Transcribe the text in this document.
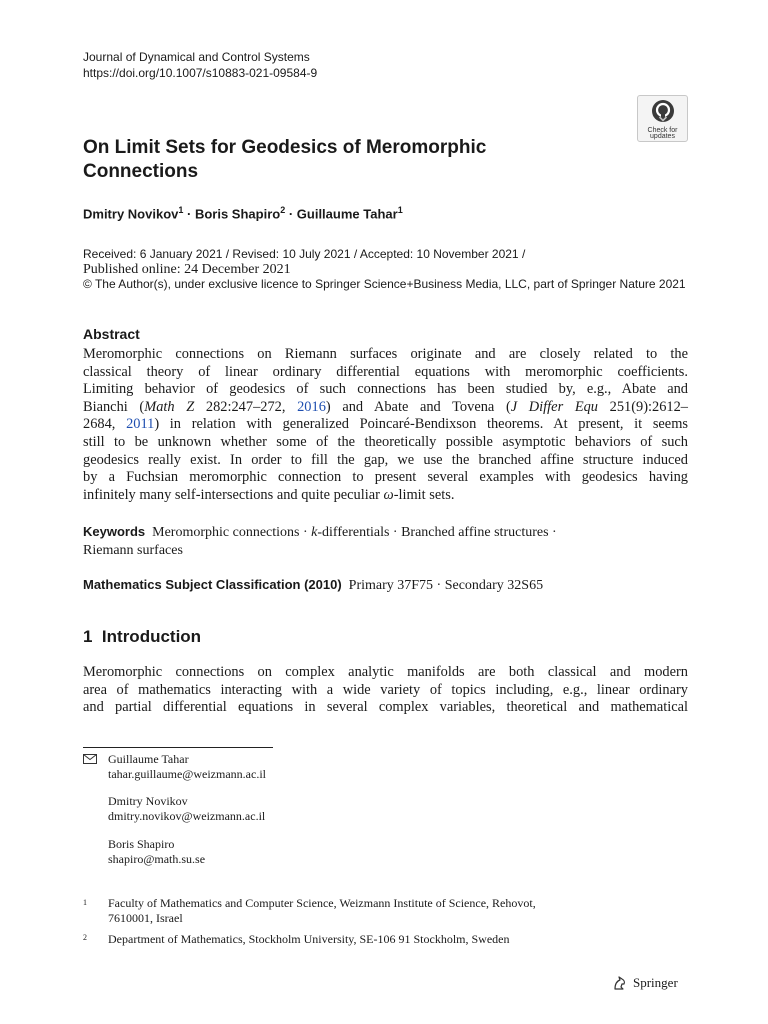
Journal of Dynamical and Control Systems
https://doi.org/10.1007/s10883-021-09584-9
Check for
updates
On Limit Sets for Geodesics of Meromorphic
Connections
Dmitry Novikov$^1$ · Boris Shapiro$^2$ · Guillaume Tahar$^1$
Received: 6 January 2021 / Revised: 10 July 2021 / Accepted: 10 November 2021 /
Published online: 24 December 2021
© The Author(s), under exclusive licence to Springer Science+Business Media, LLC, part of Springer Nature 2021
Abstract
Meromorphic connections on Riemann surfaces originate and are closely related to the
classical theory of linear ordinary differential equations with meromorphic coefficients.
Limiting behavior of geodesics of such connections has been studied by, e.g., Abate and
Bianchi (Math Z 282:247–272, 2016) and Abate and Tovena (J Differ Equ 251(9):2612–
2684, 2011) in relation with generalized Poincaré-Bendixson theorems. At present, it seems
still to be unknown whether some of the theoretically possible asymptotic behaviors of such
geodesics really exist. In order to fill the gap, we use the branched affine structure induced
by a Fuchsian meromorphic connection to present several examples with geodesics having
infinitely many self-intersections and quite peculiar ω-limit sets.
Keywords Meromorphic connections · k-differentials · Branched affine structures ·
Riemann surfaces
Mathematics Subject Classification (2010) Primary 37F75 · Secondary 32S65
1 Introduction
Meromorphic connections on complex analytic manifolds are both classical and modern
area of mathematics interacting with a wide variety of topics including, e.g., linear ordinary
and partial differential equations in several complex variables, theoretical and mathematical
Guillaume Tahar
tahar.guillaume@weizmann.ac.il
Dmitry Novikov
dmitry.novikov@weizmann.ac.il
Boris Shapiro
shapiro@math.su.se
1 Faculty of Mathematics and Computer Science, Weizmann Institute of Science, Rehovot,
7610001, Israel
2 Department of Mathematics, Stockholm University, SE-106 91 Stockholm, Sweden
Springer
